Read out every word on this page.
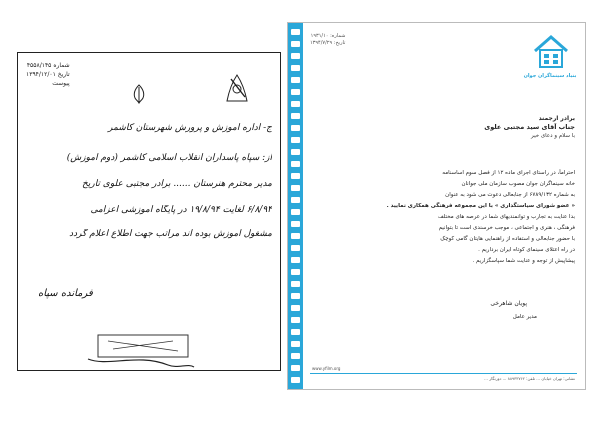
شماره ۴۵۵۸/۱۴۵
تاریخ ۱۳۹۴/۱۲/۰۱
پیوست
ج- اداره آموزش و پرورش شهرستان کاشمر
از: سپاه پاسداران انقلاب اسلامی کاشمر (دوم آموزش)
مدیر محترم هنرستان ...... برادر مجتبی علوی تاریخ
۶/۸/۹۴ لغایت ۱۹/۸/۹۴ در پایگاه آموزشی اعزامی
مشغول آموزش بوده اند مراتب جهت اطلاع اعلام گردد
فرمانده سپاه
شماره: ۱۹۳۱/۱۰
تاریخ: ۱۳۹۴/۷/۲۹
بنیاد سینماگران جوان
برادر ارجمند
جناب آقای سید مجتبی علوی
با سلام و دعای خیر
احتراماً، در راستای اجرای ماده ۱۲ از فصل سوم اساسنامه
خانه سینماگران جوان مصوب سازمان ملی جوانان
به شماره ۶۷۸۹/۱۳۲ از جنابعالی دعوت می شود به عنوان
« عضو شورای سیاستگذاری » با این مجموعه فرهنگی همکاری نمایید .
بدا عنایت به تجارب و توانمندیهای شما در عرصه های مختلف
فرهنگی ، هنری و اجتماعی ، موجب خرسندی است تا بتوانیم
با حضور جنابعالی و استفاده از راهنمایی هایتان گامی کوچک
در راه اعتلای سینمای کوتاه ایران برداریم .
پیشاپیش از توجه و عنایت شما سپاسگزاریم .
پویان شاهرخی
مدیر عامل
www.yfilm.org
نشانی: تهران خیابان ... تلفن: ۸۸۹۳۳۷۶۲ ... دورنگار ...
